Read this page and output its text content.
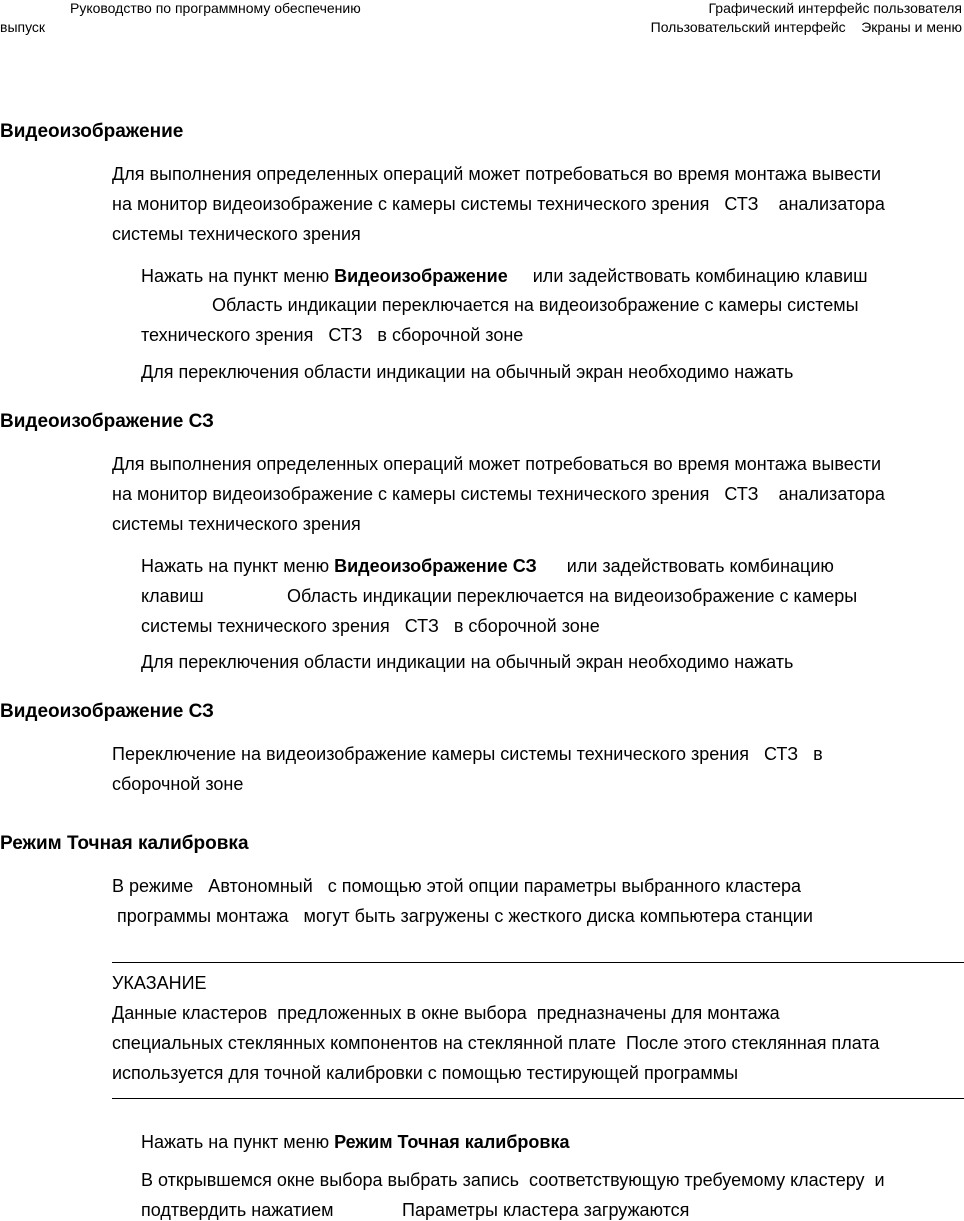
Руководство по программному обеспечению
выпуск
Графический интерфейс пользователя
Пользовательский интерфейс    Экраны и меню
Видеоизображение
Для выполнения определенных операций может потребоваться во время монтажа вывести
на монитор видеоизображение с камеры системы технического зрения   СТЗ    анализатора
системы технического зрения
Нажать на пункт меню Видеоизображение     или задействовать комбинацию клавиш
Область индикации переключается на видеоизображение с камеры системы
технического зрения   СТЗ   в сборочной зоне
Для переключения области индикации на обычный экран необходимо нажать
Видеоизображение СЗ
Для выполнения определенных операций может потребоваться во время монтажа вывести
на монитор видеоизображение с камеры системы технического зрения   СТЗ    анализатора
системы технического зрения
Нажать на пункт меню Видеоизображение СЗ      или задействовать комбинацию
клавиш	Область индикации переключается на видеоизображение с камеры
системы технического зрения   СТЗ   в сборочной зоне
Для переключения области индикации на обычный экран необходимо нажать
Видеоизображение СЗ
Переключение на видеоизображение камеры системы технического зрения   СТЗ   в
сборочной зоне
Режим Точная калибровка
В режиме   Автономный   с помощью этой опции параметры выбранного кластера
программы монтажа   могут быть загружены с жесткого диска компьютера станции
УКАЗАНИЕ
Данные кластеров  предложенных в окне выбора  предназначены для монтажа
специальных стеклянных компонентов на стеклянной плате  После этого стеклянная плата
используется для точной калибровки с помощью тестирующей программы
Нажать на пункт меню Режим Точная калибровка
В открывшемся окне выбора выбрать запись  соответствующую требуемому кластеру  и
подтвердить нажатием	Параметры кластера загружаются
